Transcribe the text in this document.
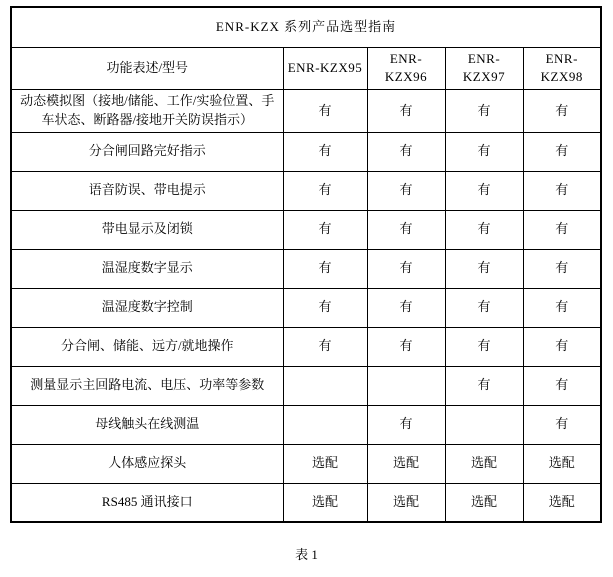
ENR-KZX 系列产品选型指南				
功能表述/型号	ENR-KZX95	ENR-KZX96	ENR-KZX97	ENR-KZX98
动态模拟图（接地/储能、工作/实验位置、手车状态、断路器/接地开关防误指示）	有	有	有	有
分合闸回路完好指示	有	有	有	有
语音防误、带电提示	有	有	有	有
带电显示及闭锁	有	有	有	有
温湿度数字显示	有	有	有	有
温湿度数字控制	有	有	有	有
分合闸、储能、远方/就地操作	有	有	有	有
测量显示主回路电流、电压、功率等参数			有	有
母线触头在线测温		有		有
人体感应探头	选配	选配	选配	选配
RS485 通讯接口	选配	选配	选配	选配
表 1
